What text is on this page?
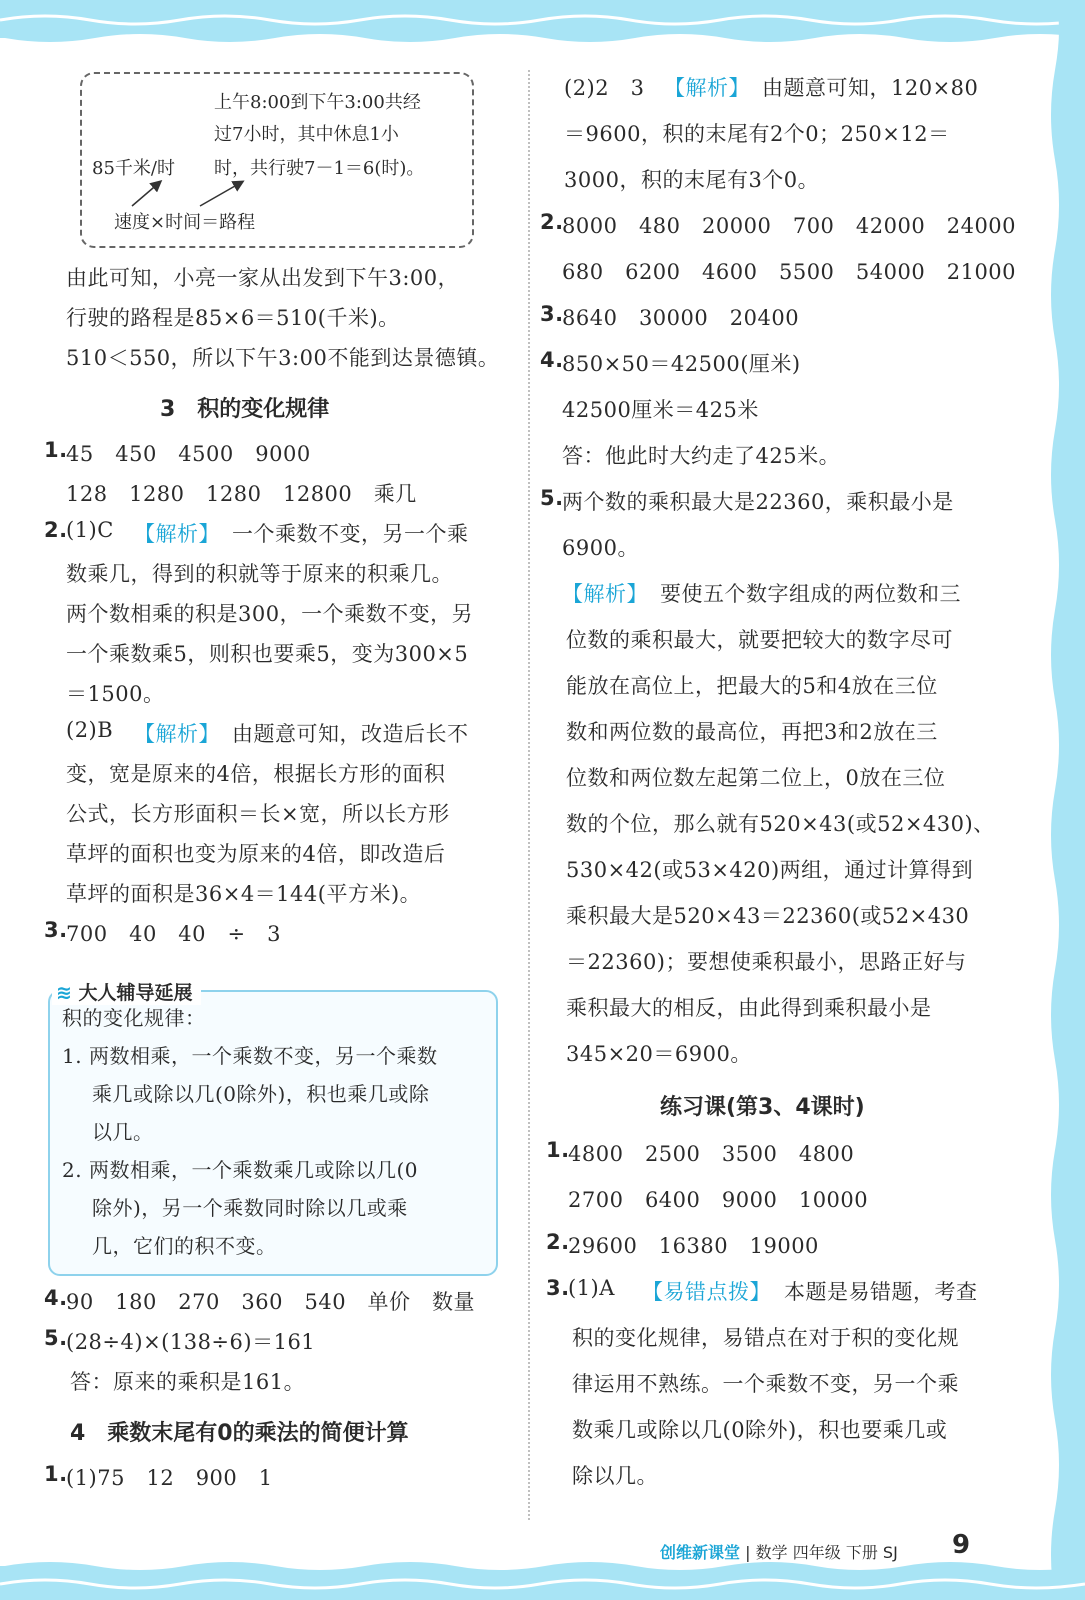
上午8:00到下午3:00共经
过7小时，其中休息1小
85千米/时 时，共行驶7－1＝6(时)。
速度×时间＝路程
由此可知，小亮一家从出发到下午3:00，
行驶的路程是85×6＝510(千米)。
510＜550，所以下午3:00不能到达景德镇。
3　积的变化规律
1.
45　450　4500　9000
128　1280　1280　12800　乘几
2.
(1)C 【解析】 一个乘数不变，另一个乘
数乘几，得到的积就等于原来的积乘几。
两个数相乘的积是300，一个乘数不变，另
一个乘数乘5，则积也要乘5，变为300×5
＝1500。
(2)B 【解析】 由题意可知，改造后长不
变，宽是原来的4倍，根据长方形的面积
公式，长方形面积＝长×宽，所以长方形
草坪的面积也变为原来的4倍，即改造后
草坪的面积是36×4＝144(平方米)。
3.
700　40　40　÷　3
≋ 大人辅导延展
积的变化规律：
1. 两数相乘，一个乘数不变，另一个乘数
乘几或除以几(0除外)，积也乘几或除
以几。
2. 两数相乘，一个乘数乘几或除以几(0
除外)，另一个乘数同时除以几或乘
几，它们的积不变。
4.
90　180　270　360　540　单价　数量
5.
(28÷4)×(138÷6)＝161
答：原来的乘积是161。
4　乘数末尾有0的乘法的简便计算
1.
(1)75　12　900　1
(2)2　3 【解析】 由题意可知，120×80
＝9600，积的末尾有2个0；250×12＝
3000，积的末尾有3个0。
2.
8000　480　20000　700　42000　24000
680　6200　4600　5500　54000　21000
3.
8640　30000　20400
4.
850×50＝42500(厘米)
42500厘米＝425米
答：他此时大约走了425米。
5.
两个数的乘积最大是22360，乘积最小是
6900。
【解析】 要使五个数字组成的两位数和三
位数的乘积最大，就要把较大的数字尽可
能放在高位上，把最大的5和4放在三位
数和两位数的最高位，再把3和2放在三
位数和两位数左起第二位上，0放在三位
数的个位，那么就有520×43(或52×430)、
530×42(或53×420)两组，通过计算得到
乘积最大是520×43＝22360(或52×430
＝22360)；要想使乘积最小，思路正好与
乘积最大的相反，由此得到乘积最小是
345×20＝6900。
练习课(第3、4课时)
1.
4800　2500　3500　4800
2700　6400　9000　10000
2.
29600　16380　19000
3.
(1)A 【易错点拨】 本题是易错题，考查
积的变化规律，易错点在对于积的变化规
律运用不熟练。一个乘数不变，另一个乘
数乘几或除以几(0除外)，积也要乘几或
除以几。
创维新课堂 | 数学 四年级 下册 SJ 9
